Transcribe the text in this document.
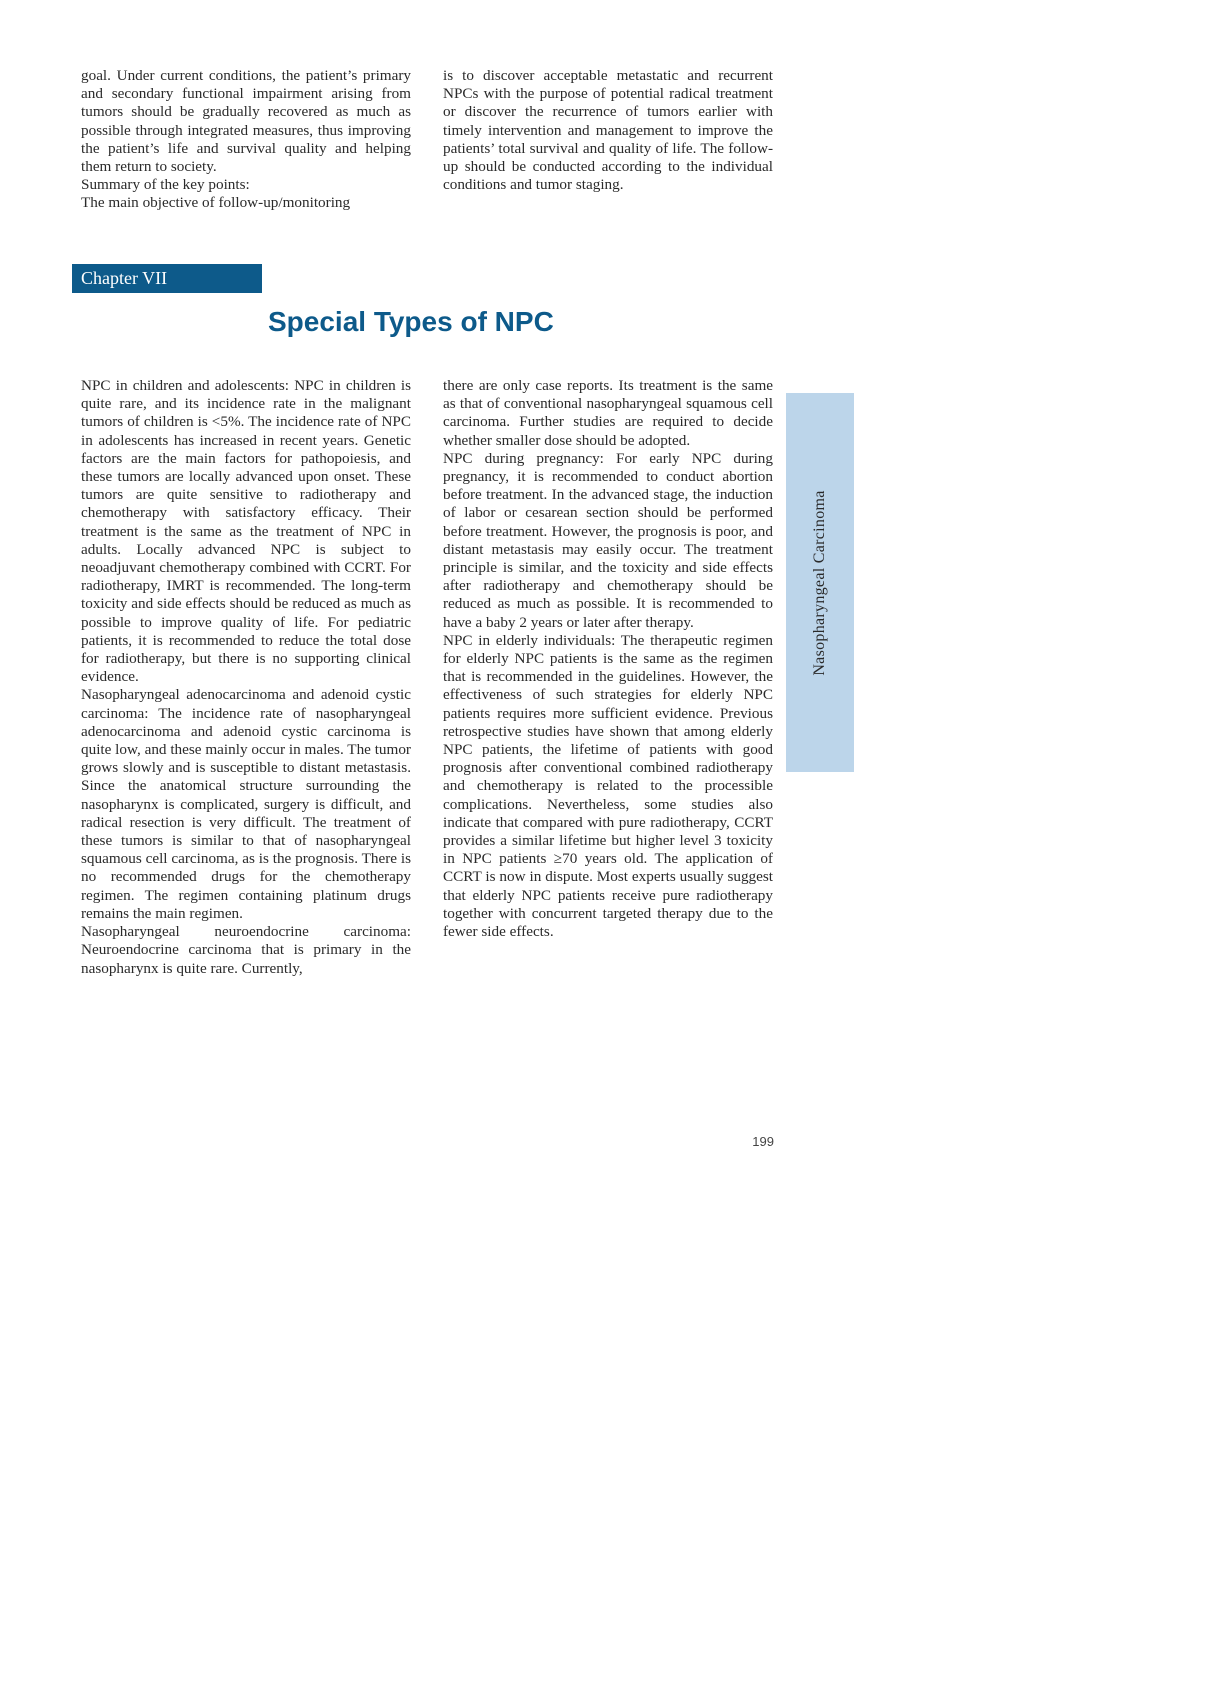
goal. Under current conditions, the patient’s primary and secondary functional impairment arising from tumors should be gradually recovered as much as possible through integrated measures, thus improving the patient’s life and survival quality and helping them return to society.

Summary of the key points:

The main objective of follow-up/monitoring

is to discover acceptable metastatic and recurrent NPCs with the purpose of potential radical treatment or discover the recurrence of tumors earlier with timely intervention and management to improve the patients’ total survival and quality of life. The follow-up should be conducted according to the individual conditions and tumor staging.

Chapter VII
Special Types of NPC

NPC in children and adolescents: NPC in children is quite rare, and its incidence rate in the malignant tumors of children is <5%. The incidence rate of NPC in adolescents has increased in recent years. Genetic factors are the main factors for pathopoiesis, and these tumors are locally advanced upon onset. These tumors are quite sensitive to radiotherapy and chemotherapy with satisfactory efficacy. Their treatment is the same as the treatment of NPC in adults. Locally advanced NPC is subject to neoadjuvant chemotherapy combined with CCRT. For radiotherapy, IMRT is recommended. The long-term toxicity and side effects should be reduced as much as possible to improve quality of life. For pediatric patients, it is recommended to reduce the total dose for radiotherapy, but there is no supporting clinical evidence.

Nasopharyngeal adenocarcinoma and adenoid cystic carcinoma: The incidence rate of nasopharyngeal adenocarcinoma and adenoid cystic carcinoma is quite low, and these mainly occur in males. The tumor grows slowly and is susceptible to distant metastasis. Since the anatomical structure surrounding the nasopharynx is complicated, surgery is difficult, and radical resection is very difficult. The treatment of these tumors is similar to that of nasopharyngeal squamous cell carcinoma, as is the prognosis. There is no recommended drugs for the chemotherapy regimen. The regimen containing platinum drugs remains the main regimen.

Nasopharyngeal neuroendocrine carcinoma: Neuroendocrine carcinoma that is primary in the nasopharynx is quite rare. Currently,

there are only case reports. Its treatment is the same as that of conventional nasopharyngeal squamous cell carcinoma. Further studies are required to decide whether smaller dose should be adopted.

NPC during pregnancy: For early NPC during pregnancy, it is recommended to conduct abortion before treatment. In the advanced stage, the induction of labor or cesarean section should be performed before treatment. However, the prognosis is poor, and distant metastasis may easily occur. The treatment principle is similar, and the toxicity and side effects after radiotherapy and chemotherapy should be reduced as much as possible. It is recommended to have a baby 2 years or later after therapy.

NPC in elderly individuals: The therapeutic regimen for elderly NPC patients is the same as the regimen that is recommended in the guidelines. However, the effectiveness of such strategies for elderly NPC patients requires more sufficient evidence. Previous retrospective studies have shown that among elderly NPC patients, the lifetime of patients with good prognosis after conventional combined radiotherapy and chemotherapy is related to the processible complications. Nevertheless, some studies also indicate that compared with pure radiotherapy, CCRT provides a similar lifetime but higher level 3 toxicity in NPC patients ≥70 years old. The application of CCRT is now in dispute. Most experts usually suggest that elderly NPC patients receive pure radiotherapy together with concurrent targeted therapy due to the fewer side effects.

Nasopharyngeal Carcinoma
199
